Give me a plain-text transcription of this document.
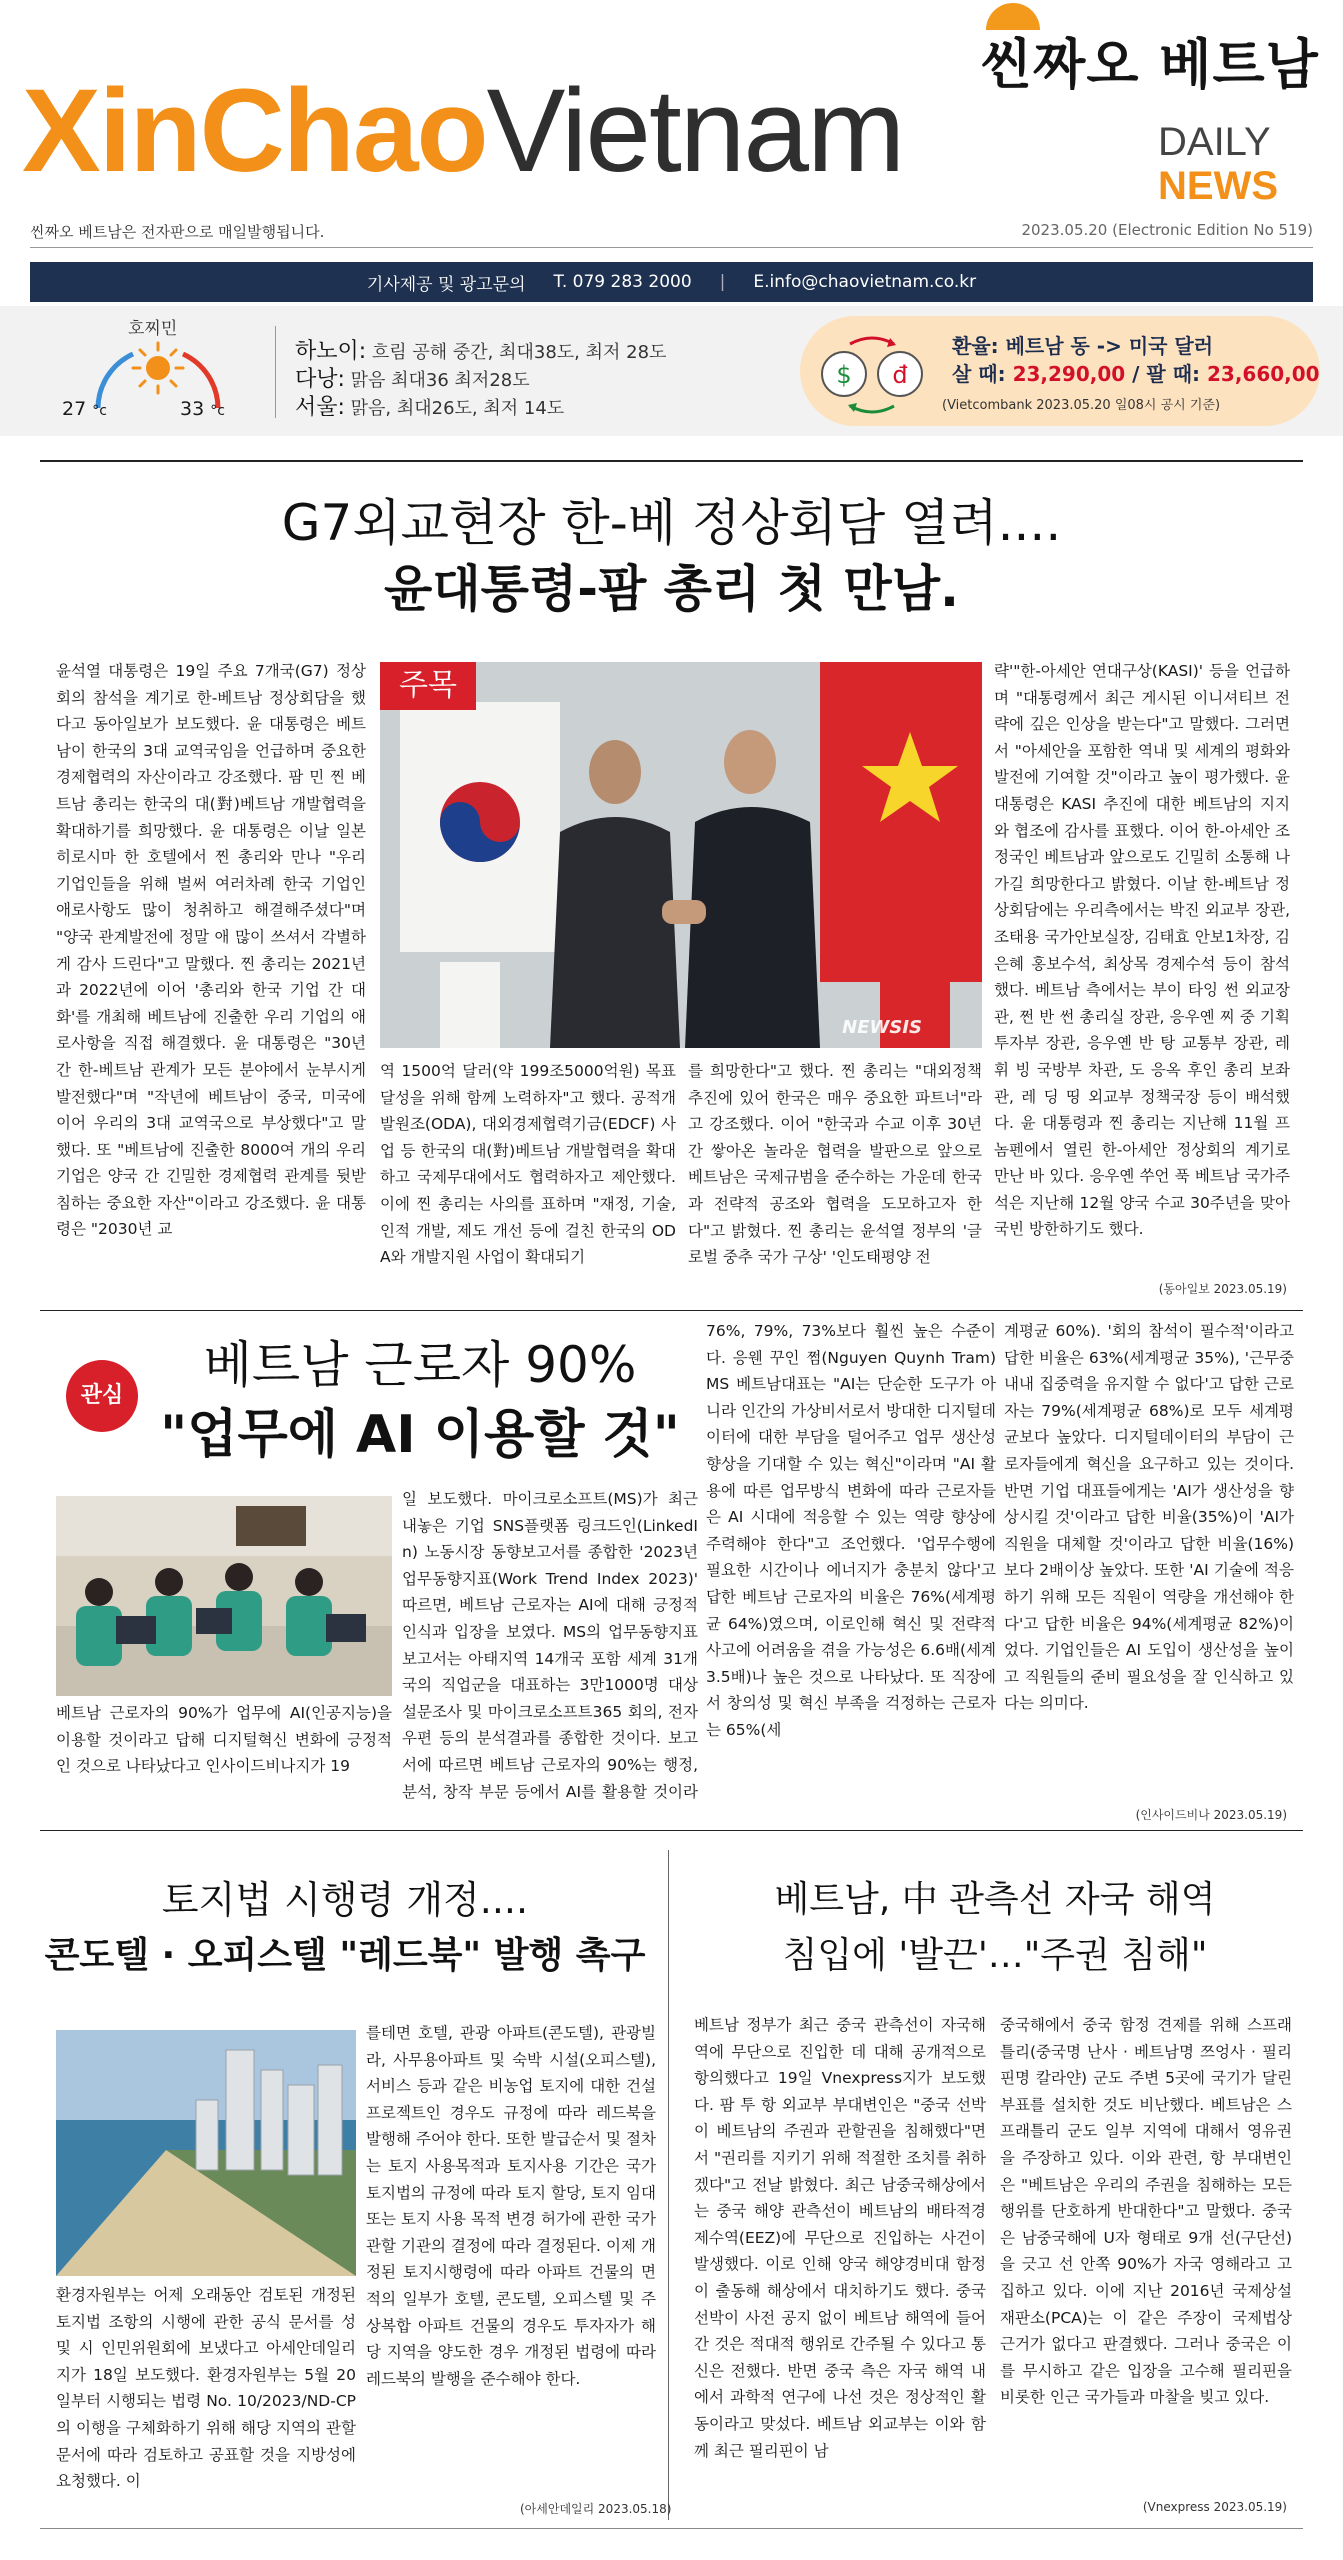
씬짜오 베트남
XinChaoVietnam	DAILY
NEWS
씬짜오 베트남은 전자판으로 매일발행됩니다.	2023.05.20 (Electronic Edition No 519)
기사제공 및 광고문의 T. 079 283 2000 | E.info@chaovietnam.co.kr
호찌민
27 °c	33 °c
하노이: 흐림 공해 중간, 최대38도, 최저 28도
다낭: 맑음 최대36 최저28도
서울: 맑음, 최대26도, 최저 14도
$ đ
환율: 베트남 동 -> 미국 달러
살 때: 23,290,00 / 팔 때: 23,660,00
(Vietcombank 2023.05.20 일08시 공시 기준)
G7외교현장 한-베 정상회담 열려....
윤대통령-팜 총리 첫 만남.
윤석열 대통령은 19일 주요 7개국(G7) 정상회의 참석을 계기로 한-베트남 정상회담을 했다고 동아일보가 보도했다. 윤 대통령은 베트남이 한국의 3대 교역국임을 언급하며 중요한 경제협력의 자산이라고 강조했다. 팜 민 찐 베트남 총리는 한국의 대(對)베트남 개발협력을 확대하기를 희망했다. 윤 대통령은 이날 일본 히로시마 한 호텔에서 찐 총리와 만나 "우리 기업인들을 위해 벌써 여러차례 한국 기업인 애로사항도 많이 청취하고 해결해주셨다"며 "양국 관계발전에 정말 애 많이 쓰셔서 각별하게 감사 드린다"고 말했다. 찐 총리는 2021년과 2022년에 이어 '총리와 한국 기업 간 대화'를 개최해 베트남에 진출한 우리 기업의 애로사항을 직접 해결했다. 윤 대통령은 "30년간 한-베트남 관계가 모든 분야에서 눈부시게 발전했다"며 "작년에 베트남이 중국, 미국에 이어 우리의 3대 교역국으로 부상했다"고 말했다. 또 "베트남에 진출한 8000여 개의 우리 기업은 양국 간 긴밀한 경제협력 관계를 뒷받침하는 중요한 자산"이라고 강조했다. 윤 대통령은 "2030년 교
주목
NEWSIS
역 1500억 달러(약 199조5000억원) 목표 달성을 위해 함께 노력하자"고 했다. 공적개발원조(ODA), 대외경제협력기금(EDCF) 사업 등 한국의 대(對)베트남 개발협력을 확대하고 국제무대에서도 협력하자고 제안했다. 이에 찐 총리는 사의를 표하며 "재정, 기술, 인적 개발, 제도 개선 등에 걸친 한국의 ODA와 개발지원 사업이 확대되기
를 희망한다"고 했다. 찐 총리는 "대외정책 추진에 있어 한국은 매우 중요한 파트너"라고 강조했다. 이어 "한국과 수교 이후 30년간 쌓아온 놀라운 협력을 발판으로 앞으로 베트남은 국제규범을 준수하는 가운데 한국과 전략적 공조와 협력을 도모하고자 한다"고 밝혔다. 찐 총리는 윤석열 정부의 '글로벌 중추 국가 구상' '인도태평양 전
략'"한-아세안 연대구상(KASI)' 등을 언급하며 "대통령께서 최근 게시된 이니셔티브 전략에 깊은 인상을 받는다"고 말했다. 그러면서 "아세안을 포함한 역내 및 세계의 평화와 발전에 기여할 것"이라고 높이 평가했다. 윤 대통령은 KASI 추진에 대한 베트남의 지지와 협조에 감사를 표했다. 이어 한-아세안 조정국인 베트남과 앞으로도 긴밀히 소통해 나가길 희망한다고 밝혔다. 이날 한-베트남 정상회담에는 우리측에서는 박진 외교부 장관, 조태용 국가안보실장, 김태효 안보1차장, 김은혜 홍보수석, 최상목 경제수석 등이 참석했다. 베트남 측에서는 부이 타잉 썬 외교장관, 쩐 반 썬 총리실 장관, 응우옌 찌 중 기획투자부 장관, 응우옌 반 탕 교통부 장관, 레 휘 빙 국방부 차관, 도 응옥 후인 총리 보좌관, 레 딩 띵 외교부 정책국장 등이 배석했다. 윤 대통령과 찐 총리는 지난해 11월 프놈펜에서 열린 한-아세안 정상회의 계기로 만난 바 있다. 응우옌 쑤언 푹 베트남 국가주석은 지난해 12월 양국 수교 30주년을 맞아 국빈 방한하기도 했다.
(동아일보 2023.05.19)
관심
베트남 근로자 90%
"업무에 AI 이용할 것"
베트남 근로자의 90%가 업무에 AI(인공지능)을 이용할 것이라고 답해 디지털혁신 변화에 긍정적인 것으로 나타났다고 인사이드비나지가 19
일 보도했다. 마이크로소프트(MS)가 최근 내놓은 기업 SNS플랫폼 링크드인(LinkedIn) 노동시장 동향보고서를 종합한 '2023년 업무동향지표(Work Trend Index 2023)' 따르면, 베트남 근로자는 AI에 대해 긍정적 인식과 입장을 보였다. MS의 업무동향지표 보고서는 아태지역 14개국 포함 세계 31개국의 직업군을 대표하는 3만1000명 대상 설문조사 및 마이크로소프트365 회의, 전자우편 등의 분석결과를 종합한 것이다. 보고서에 따르면 베트남 근로자의 90%는 행정, 분석, 창작 부문 등에서 AI를 활용할 것이라
76%, 79%, 73%보다 훨씬 높은 수준이다. 응웬 꾸인 쩜(Nguyen Quynh Tram) MS 베트남대표는 "AI는 단순한 도구가 아니라 인간의 가상비서로서 방대한 디지털데이터에 대한 부담을 덜어주고 업무 생산성 향상을 기대할 수 있는 혁신"이라며 "AI 활용에 따른 업무방식 변화에 따라 근로자들은 AI 시대에 적응할 수 있는 역량 향상에 주력해야 한다"고 조언했다. '업무수행에 필요한 시간이나 에너지가 충분치 않다'고 답한 베트남 근로자의 비율은 76%(세계평균 64%)였으며, 이로인해 혁신 및 전략적 사고에 어려움을 겪을 가능성은 6.6배(세계 3.5배)나 높은 것으로 나타났다. 또 직장에서 창의성 및 혁신 부족을 걱정하는 근로자는 65%(세
계평균 60%). '회의 참석이 필수적'이라고 답한 비율은 63%(세계평균 35%), '근무중 내내 집중력을 유지할 수 없다'고 답한 근로자는 79%(세계평균 68%)로 모두 세계평균보다 높았다. 디지털데이터의 부담이 근로자들에게 혁신을 요구하고 있는 것이다. 반면 기업 대표들에게는 'AI가 생산성을 향상시킬 것'이라고 답한 비율(35%)이 'AI가 직원을 대체할 것'이라고 답한 비율(16%)보다 2배이상 높았다. 또한 'AI 기술에 적응하기 위해 모든 직원이 역량을 개선해야 한다'고 답한 비율은 94%(세계평균 82%)이었다. 기업인들은 AI 도입이 생산성을 높이고 직원들의 준비 필요성을 잘 인식하고 있다는 의미다.
(인사이드비나 2023.05.19)
토지법 시행령 개정....
콘도텔 · 오피스텔 "레드북" 발행 촉구
를테면 호텔, 관광 아파트(콘도텔), 관광빌라, 사무용아파트 및 숙박 시설(오피스텔), 서비스 등과 같은 비농업 토지에 대한 건설 프로젝트인 경우도 규정에 따라 레드북을 발행해 주어야 한다. 또한 발급순서 및 절차는 토지 사용목적과 토지사용 기간은 국가 토지법의 규정에 따라 토지 할당, 토지 임대 또는 토지 사용 목적 변경 허가에 관한 국가 관할 기관의 결정에 따라 결정된다. 이제 개정된 토지시행령에 따라 아파트 건물의 면적의 일부가 호텔, 콘도텔, 오피스텔 및 주상복합 아파트 건물의 경우도 투자자가 해당 지역을 양도한 경우 개정된 법령에 따라 레드북의 발행을 준수해야 한다.
환경자원부는 어제 오래동안 검토된 개정된 토지법 조항의 시행에 관한 공식 문서를 성 및 시 인민위원회에 보냈다고 아세안데일리지가 18일 보도했다. 환경자원부는 5월 20일부터 시행되는 법령 No. 10/2023/ND-CP의 이행을 구체화하기 위해 해당 지역의 관할 문서에 따라 검토하고 공표할 것을 지방성에 요청했다. 이
(아세안데일리 2023.05.18)
베트남, 中 관측선 자국 해역
침입에 '발끈'…"주권 침해"
베트남 정부가 최근 중국 관측선이 자국해역에 무단으로 진입한 데 대해 공개적으로 항의했다고 19일 Vnexpress지가 보도했다. 팜 투 항 외교부 부대변인은 "중국 선박이 베트남의 주권과 관할권을 침해했다"면서 "권리를 지키기 위해 적절한 조치를 취하겠다"고 전날 밝혔다. 최근 남중국해상에서는 중국 해양 관측선이 베트남의 배타적경제수역(EEZ)에 무단으로 진입하는 사건이 발생했다. 이로 인해 양국 해양경비대 함정이 출동해 해상에서 대치하기도 했다. 중국 선박이 사전 공지 없이 베트남 해역에 들어간 것은 적대적 행위로 간주될 수 있다고 통신은 전했다. 반면 중국 측은 자국 해역 내에서 과학적 연구에 나선 것은 정상적인 활동이라고 맞섰다. 베트남 외교부는 이와 함께 최근 필리핀이 남
중국해에서 중국 함정 견제를 위해 스프래틀리(중국명 난사 · 베트남명 쯔엉사 · 필리핀명 칼라얀) 군도 주변 5곳에 국기가 달린 부표를 설치한 것도 비난했다. 베트남은 스프래틀리 군도 일부 지역에 대해서 영유권을 주장하고 있다. 이와 관련, 항 부대변인은 "베트남은 우리의 주권을 침해하는 모든 행위를 단호하게 반대한다"고 말했다. 중국은 남중국해에 U자 형태로 9개 선(구단선)을 긋고 선 안쪽 90%가 자국 영해라고 고집하고 있다. 이에 지난 2016년 국제상설재판소(PCA)는 이 같은 주장이 국제법상 근거가 없다고 판결했다. 그러나 중국은 이를 무시하고 같은 입장을 고수해 필리핀을 비롯한 인근 국가들과 마찰을 빚고 있다.
(Vnexpress 2023.05.19)
